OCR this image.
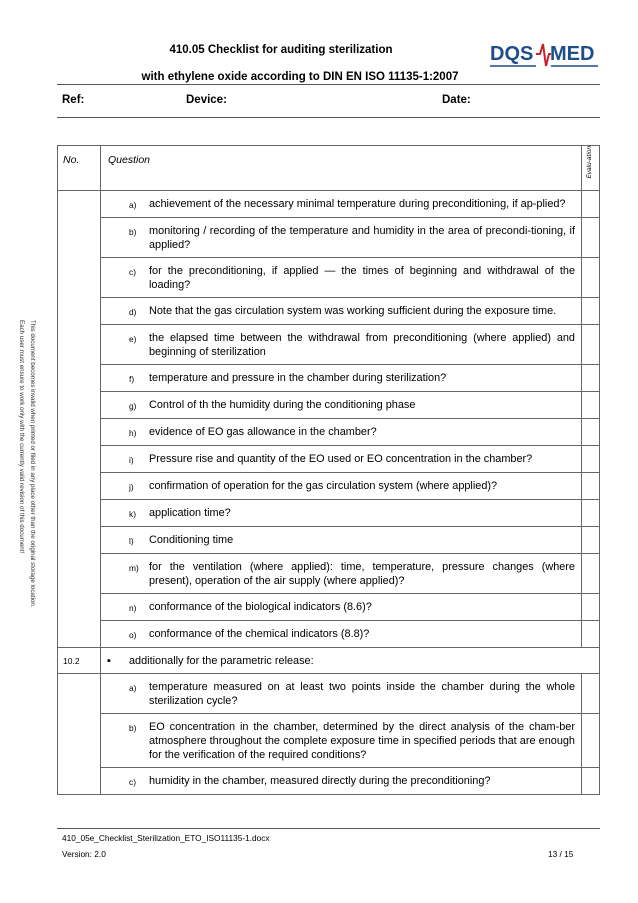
410.05 Checklist for auditing sterilization	DQS MED
with ethylene oxide according to DIN EN ISO 11135-1:2007
Ref:	Device:	Date:
This document becomes invalid when printed or filed in any place other than the original storage location.
Each user must ensure to work only with the currently valid revision of this document!
No.	Question	Evalu-ation

	a) achievement of the necessary minimal temperature during preconditioning, if ap-plied?	

	b) monitoring / recording of the temperature and humidity in the area of precondi-tioning, if applied?	

	c) for the preconditioning, if applied — the times of beginning and withdrawal of the loading?	

	d) Note that the gas circulation system was working sufficient during the exposure time.	

	e) the elapsed time between the withdrawal from preconditioning (where applied) and beginning of sterilization	

	f) temperature and pressure in the chamber during sterilization?	

	g) Control of th the humidity during the conditioning phase	

	h) evidence of EO gas allowance in the chamber?	

	i) Pressure rise and quantity of the EO used or EO concentration in the chamber?	

	j) confirmation of operation for the gas circulation system (where applied)?	

	k) application time?	

	l) Conditioning time	

	m) for the ventilation (where applied): time, temperature, pressure changes (where present), operation of the air supply (where applied)?	

	n) conformance of the biological indicators (8.6)?	

	o) conformance of the chemical indicators (8.8)?	

10.2	▪ additionally for the parametric release:	

	a) temperature measured on at least two points inside the chamber during the whole sterilization cycle?	

	b) EO concentration in the chamber, determined by the direct analysis of the cham-ber atmosphere throughout the complete exposure time in specified periods that are enough for the verification of the required conditions?	

	c) humidity in the chamber, measured directly during the preconditioning?	

410_05e_Checklist_Sterilization_ETO_ISO11135-1.docx
Version: 2.0	13 / 15
